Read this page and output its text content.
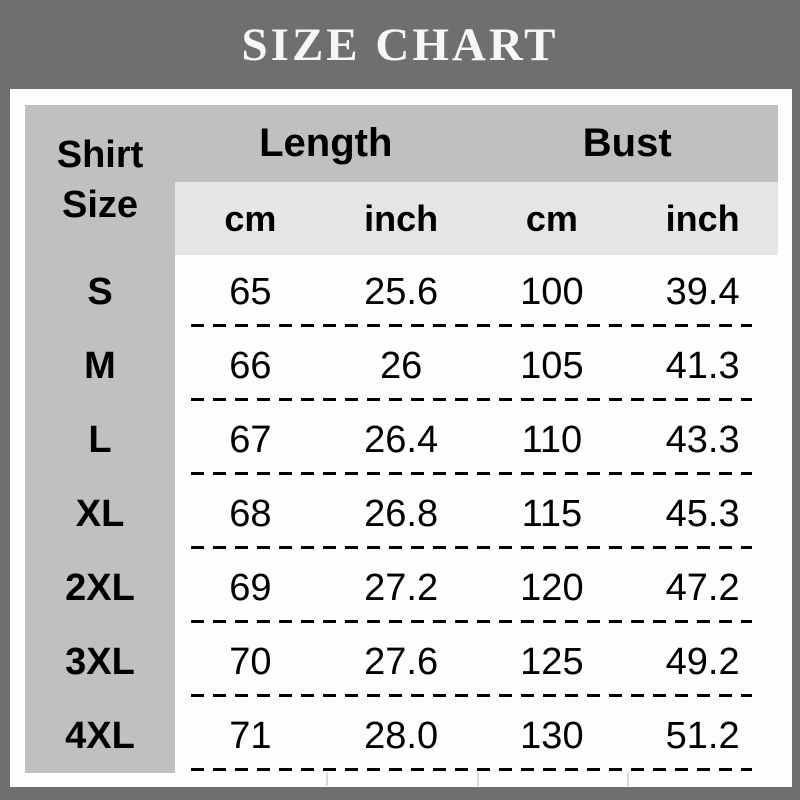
SIZE CHART
Shirt
Size
Length	Bust
cm	inch	cm	inch
S	65	25.6	100	39.4
M	66	26	105	41.3
L	67	26.4	110	43.3
XL	68	26.8	115	45.3
2XL	69	27.2	120	47.2
3XL	70	27.6	125	49.2
4XL	71	28.0	130	51.2
